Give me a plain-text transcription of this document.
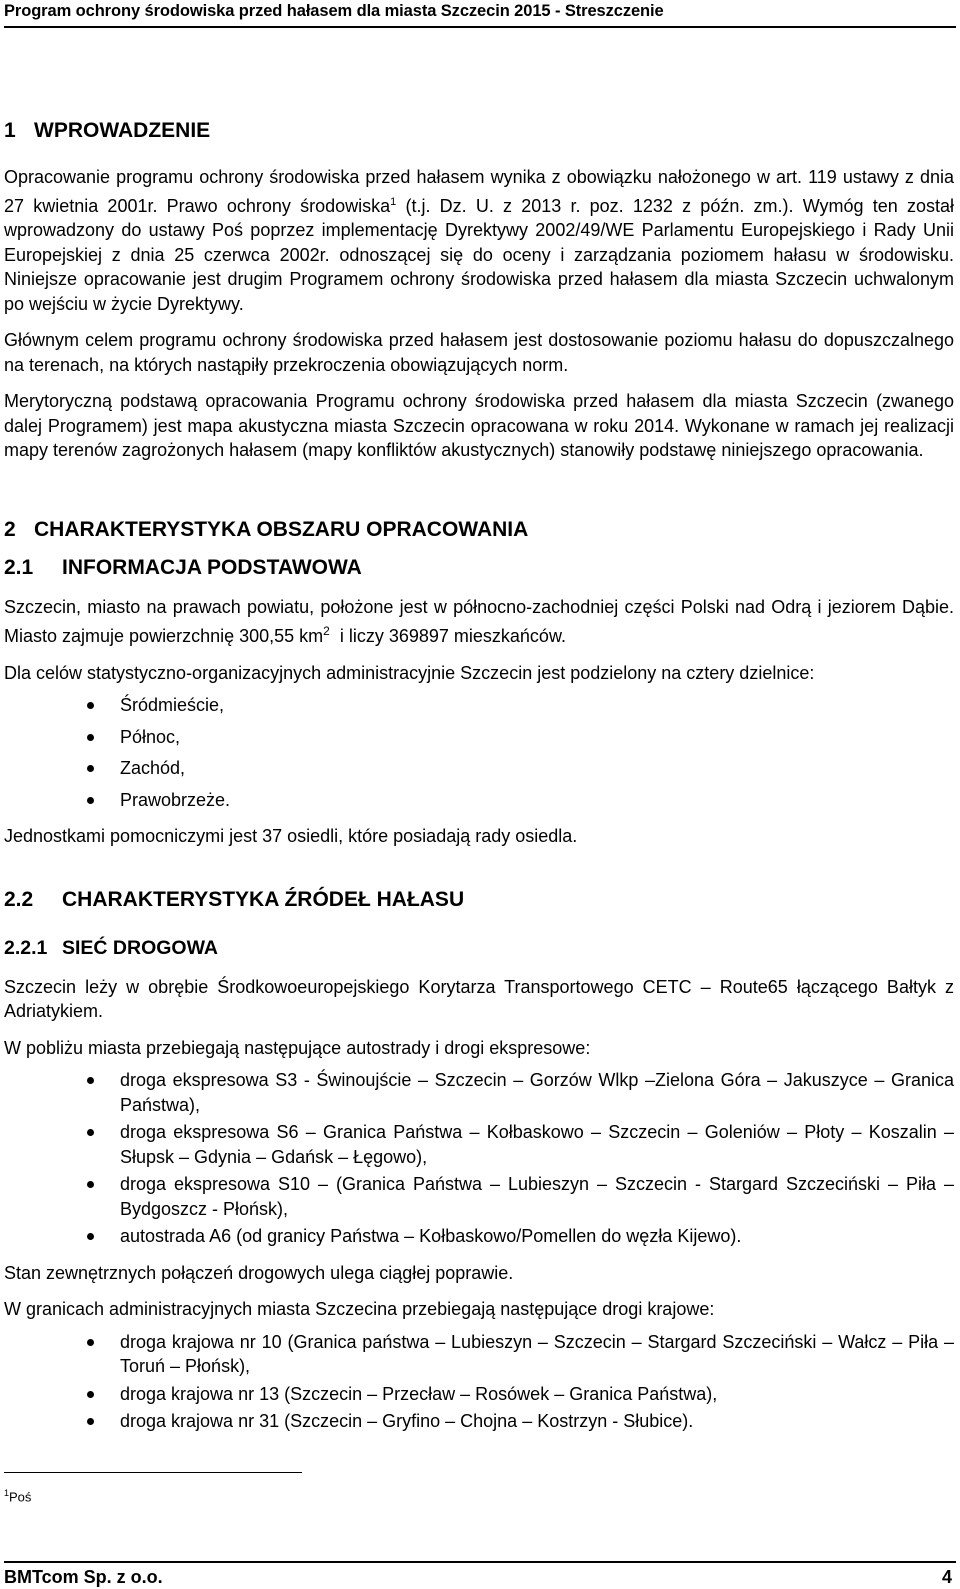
Program ochrony środowiska przed hałasem dla miasta Szczecin 2015 - Streszczenie
1 WPROWADZENIE

Opracowanie programu ochrony środowiska przed hałasem wynika z obowiązku nałożonego w art. 119 ustawy z dnia 27 kwietnia 2001r. Prawo ochrony środowiska$^1$ (t.j. Dz. U. z 2013 r. poz. 1232 z późn. zm.). Wymóg ten został wprowadzony do ustawy Poś poprzez implementację Dyrektywy 2002/49/WE Parlamentu Europejskiego i Rady Unii Europejskiej z dnia 25 czerwca 2002r. odnoszącej się do oceny i zarządzania poziomem hałasu w środowisku. Niniejsze opracowanie jest drugim Programem ochrony środowiska przed hałasem dla miasta Szczecin uchwalonym po wejściu w życie Dyrektywy.

Głównym celem programu ochrony środowiska przed hałasem jest dostosowanie poziomu hałasu do dopuszczalnego na terenach, na których nastąpiły przekroczenia obowiązujących norm.

Merytoryczną podstawą opracowania Programu ochrony środowiska przed hałasem dla miasta Szczecin (zwanego dalej Programem) jest mapa akustyczna miasta Szczecin opracowana w roku 2014. Wykonane w ramach jej realizacji mapy terenów zagrożonych hałasem (mapy konfliktów akustycznych) stanowiły podstawę niniejszego opracowania.

2 CHARAKTERYSTYKA OBSZARU OPRACOWANIA
2.1 INFORMACJA PODSTAWOWA

Szczecin, miasto na prawach powiatu, położone jest w północno-zachodniej części Polski nad Odrą i jeziorem Dąbie. Miasto zajmuje powierzchnię 300,55 $km^2$  i liczy 369897 mieszkańców.

Dla celów statystyczno-organizacyjnych administracyjnie Szczecin jest podzielony na cztery dzielnice:

Śródmieście,
Północ,
Zachód,
Prawobrzeże.

Jednostkami pomocniczymi jest 37 osiedli, które posiadają rady osiedla.

2.2 CHARAKTERYSTYKA ŹRÓDEŁ HAŁASU
2.2.1 SIEĆ DROGOWA

Szczecin leży w obrębie Środkowoeuropejskiego Korytarza Transportowego CETC – Route65 łączącego Bałtyk z Adriatykiem.

W pobliżu miasta przebiegają następujące autostrady i drogi ekspresowe:

droga ekspresowa S3 - Świnoujście – Szczecin – Gorzów Wlkp –Zielona Góra – Jakuszyce – Granica Państwa),
droga ekspresowa S6 – Granica Państwa – Kołbaskowo – Szczecin – Goleniów – Płoty – Koszalin – Słupsk – Gdynia – Gdańsk – Łęgowo),
droga ekspresowa S10 – (Granica Państwa – Lubieszyn – Szczecin - Stargard Szczeciński – Piła – Bydgoszcz - Płońsk),
autostrada A6 (od granicy Państwa – Kołbaskowo/Pomellen do węzła Kijewo).

Stan zewnętrznych połączeń drogowych ulega ciągłej poprawie.

W granicach administracyjnych miasta Szczecina przebiegają następujące drogi krajowe:

droga krajowa nr 10 (Granica państwa – Lubieszyn – Szczecin – Stargard Szczeciński – Wałcz – Piła – Toruń – Płońsk),
droga krajowa nr 13 (Szczecin – Przecław – Rosówek – Granica Państwa),
droga krajowa nr 31 (Szczecin – Gryfino – Chojna – Kostrzyn - Słubice).
$^1$Poś
BMTcom Sp. z o.o.	4
